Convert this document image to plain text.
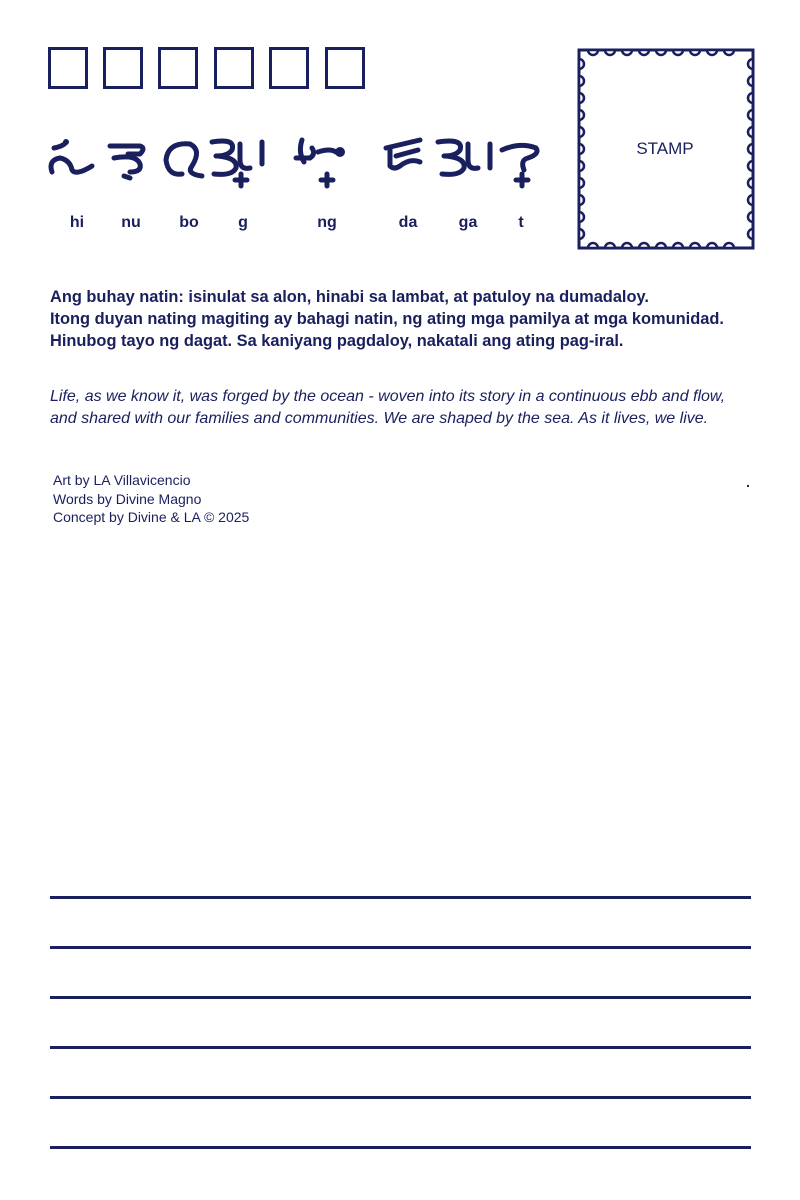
hi nu bo g	ng	da	ga	t
STAMP
Ang buhay natin: isinulat sa alon, hinabi sa lambat, at patuloy na dumadaloy.
Itong duyan nating magiting ay bahagi natin, ng ating mga pamilya at mga komunidad.
Hinubog tayo ng dagat. Sa kaniyang pagdaloy, nakatali ang ating pag-iral.
Life, as we know it, was forged by the ocean - woven into its story in a continuous ebb and flow,
and shared with our families and communities. We are shaped by the sea. As it lives, we live.
Art by LA Villavicencio
Words by Divine Magno
Concept by Divine & LA © 2025
